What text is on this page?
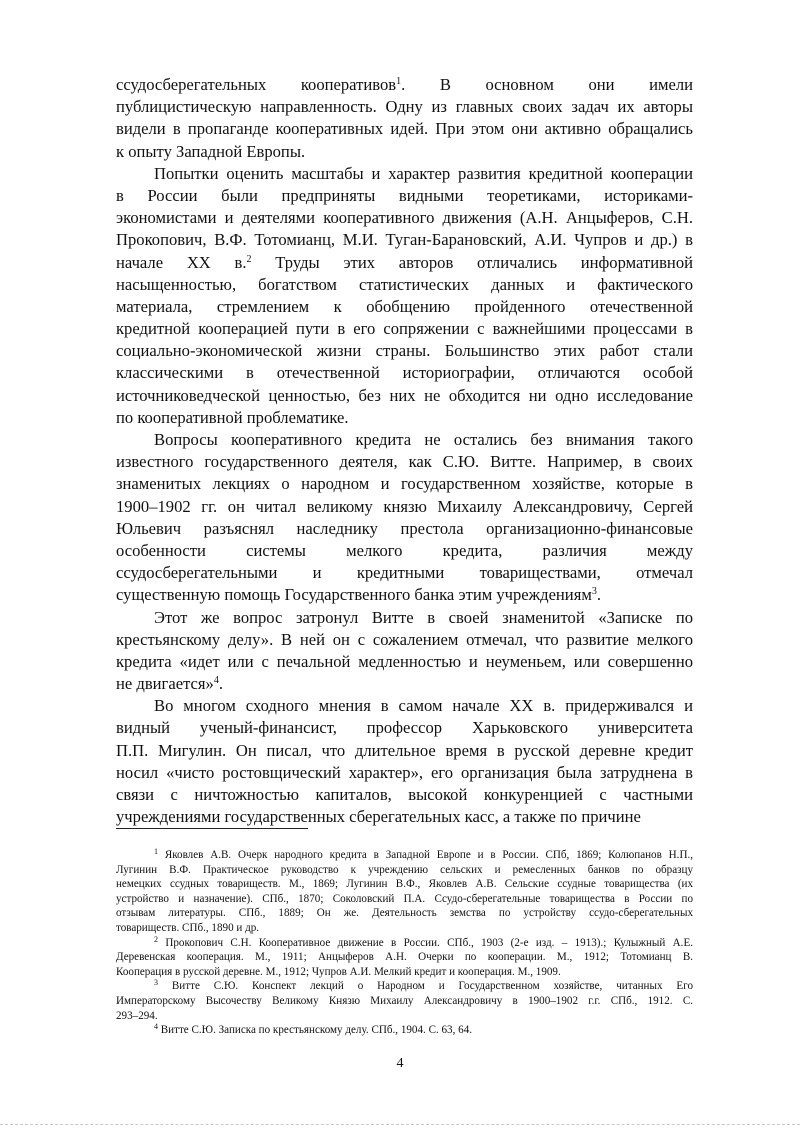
ссудосберегательных кооперативов$^1$. В основном они имели
публицистическую направленность. Одну из главных своих задач их авторы
видели в пропаганде кооперативных идей. При этом они активно обращались
к опыту Западной Европы.
Попытки оценить масштабы и характер развития кредитной кооперации
в России были предприняты видными теоретиками, историками-
экономистами и деятелями кооперативного движения (А.Н. Анцыферов, С.Н.
Прокопович, В.Ф. Тотомианц, М.И. Туган-Барановский, А.И. Чупров и др.) в
начале XX в.$^2$ Труды этих авторов отличались информативной
насыщенностью, богатством статистических данных и фактического
материала, стремлением к обобщению пройденного отечественной
кредитной кооперацией пути в его сопряжении с важнейшими процессами в
социально-экономической жизни страны. Большинство этих работ стали
классическими в отечественной историографии, отличаются особой
источниковедческой ценностью, без них не обходится ни одно исследование
по кооперативной проблематике.
Вопросы кооперативного кредита не остались без внимания такого
известного государственного деятеля, как С.Ю. Витте. Например, в своих
знаменитых лекциях о народном и государственном хозяйстве, которые в
1900–1902 гг. он читал великому князю Михаилу Александровичу, Сергей
Юльевич разъяснял наследнику престола организационно-финансовые
особенности системы мелкого кредита, различия между
ссудосберегательными и кредитными товариществами, отмечал
существенную помощь Государственного банка этим учреждениям$^3$.
Этот же вопрос затронул Витте в своей знаменитой «Записке по
крестьянскому делу». В ней он с сожалением отмечал, что развитие мелкого
кредита «идет или с печальной медленностью и неуменьем, или совершенно
не двигается»$^4$.
Во многом сходного мнения в самом начале XX в. придерживался и
видный ученый-финансист, профессор Харьковского университета
П.П. Мигулин. Он писал, что длительное время в русской деревне кредит
носил «чисто ростовщический характер», его организация была затруднена в
связи с ничтожностью капиталов, высокой конкуренцией с частными
учреждениями государственных сберегательных касс, а также по причине
$^1$ Яковлев А.В. Очерк народного кредита в Западной Европе и в России. СПб, 1869; Колюпанов Н.П.,
Лугинин В.Ф. Практическое руководство к учреждению сельских и ремесленных банков по образцу
немецких ссудных товариществ. М., 1869; Лугинин В.Ф., Яковлев А.В. Сельские ссудные товарищества (их
устройство и назначение). СПб., 1870; Соколовский П.А. Ссудо-сберегательные товарищества в России по
отзывам литературы. СПб., 1889; Он же. Деятельность земства по устройству ссудо-сберегательных
товариществ. СПб., 1890 и др.
$^2$ Прокопович С.Н. Кооперативное движение в России. СПб., 1903 (2-е изд. – 1913).; Кулыжный А.Е.
Деревенская кооперация. М., 1911; Анцыферов А.Н. Очерки по кооперации. М., 1912; Тотомианц В.
Кооперация в русской деревне. М., 1912; Чупров А.И. Мелкий кредит и кооперация. М., 1909.
$^3$ Витте С.Ю. Конспект лекций о Народном и Государственном хозяйстве, читанных Его
Императорскому Высочеству Великому Князю Михаилу Александровичу в 1900–1902 г.г. СПб., 1912. С.
293–294.
$^4$ Витте С.Ю. Записка по крестьянскому делу. СПб., 1904. С. 63, 64.
4
